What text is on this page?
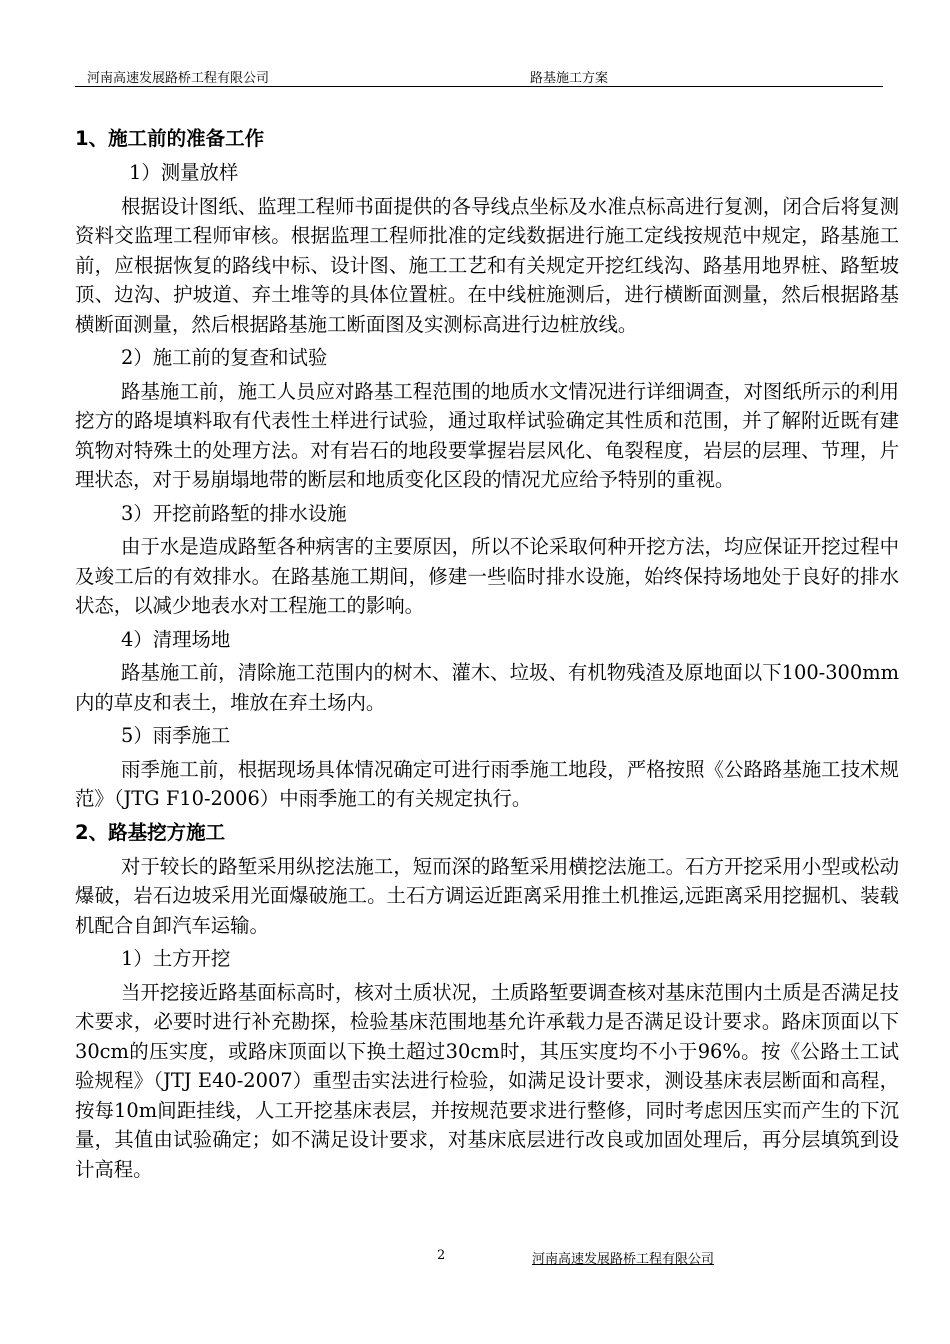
河南高速发展路桥工程有限公司	路基施工方案
1、施工前的准备工作
1）测量放样
根据设计图纸、监理工程师书面提供的各导线点坐标及水准点标高进行复测，闭合后将复测资料交监理工程师审核。根据监理工程师批准的定线数据进行施工定线按规范中规定，路基施工前，应根据恢复的路线中标、设计图、施工工艺和有关规定开挖红线沟、路基用地界桩、路堑坡顶、边沟、护坡道、弃土堆等的具体位置桩。在中线桩施测后，进行横断面测量，然后根据路基横断面测量，然后根据路基施工断面图及实测标高进行边桩放线。
2）施工前的复查和试验
路基施工前，施工人员应对路基工程范围的地质水文情况进行详细调查，对图纸所示的利用挖方的路堤填料取有代表性土样进行试验，通过取样试验确定其性质和范围，并了解附近既有建筑物对特殊土的处理方法。对有岩石的地段要掌握岩层风化、龟裂程度，岩层的层理、节理，片理状态，对于易崩塌地带的断层和地质变化区段的情况尤应给予特别的重视。
3）开挖前路堑的排水设施
由于水是造成路堑各种病害的主要原因，所以不论采取何种开挖方法，均应保证开挖过程中及竣工后的有效排水。在路基施工期间，修建一些临时排水设施，始终保持场地处于良好的排水状态，以减少地表水对工程施工的影响。
4）清理场地
路基施工前，清除施工范围内的树木、灌木、垃圾、有机物残渣及原地面以下100-300mm内的草皮和表土，堆放在弃土场内。
5）雨季施工
雨季施工前，根据现场具体情况确定可进行雨季施工地段，严格按照《公路路基施工技术规范》（JTG F10-2006）中雨季施工的有关规定执行。
2、路基挖方施工
对于较长的路堑采用纵挖法施工，短而深的路堑采用横挖法施工。石方开挖采用小型或松动爆破，岩石边坡采用光面爆破施工。土石方调运近距离采用推土机推运,远距离采用挖掘机、装载机配合自卸汽车运输。
1）土方开挖
当开挖接近路基面标高时，核对土质状况，土质路堑要调查核对基床范围内土质是否满足技术要求，必要时进行补充勘探，检验基床范围地基允许承载力是否满足设计要求。路床顶面以下30cm的压实度，或路床顶面以下换土超过30cm时，其压实度均不小于96%。按《公路土工试验规程》（JTJ E40-2007）重型击实法进行检验，如满足设计要求，测设基床表层断面和高程，按每10m间距挂线，人工开挖基床表层，并按规范要求进行整修，同时考虑因压实而产生的下沉量，其值由试验确定；如不满足设计要求，对基床底层进行改良或加固处理后，再分层填筑到设计高程。
2	河南高速发展路桥工程有限公司
